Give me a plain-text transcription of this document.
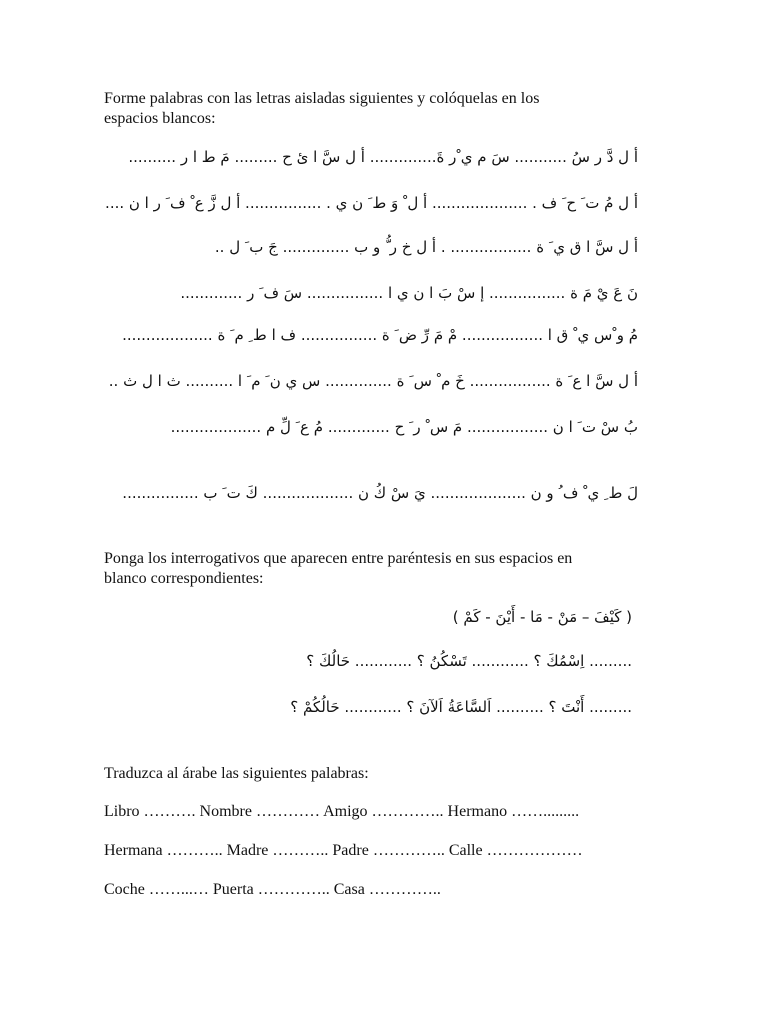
Forme palabras con las letras aisladas siguientes y colóquelas en los
espacios blancos:
أ ل دَّ ر سُ ........... سَ م ي ْر ةَ.............. أ ل سَّ ا ئ ح ......... مَ ط ا ر ..........
أ ل مُ ت َ ح َ ف . .................... أ ل ْ وَ ط َ ن ي . ................ أ ل زَّ ع ْ ف َ ر ا ن ....
أ ل سَّ ا ق ي َ ة ................. . أ ل خ ر ُّ و ب .............. جَ ب َ ل ..
نَ عَ يْ مَ ة ................ إ سْ بَ ا ن ي ا ................ سَ ف َ ر .............
مُ و ْس ي ْ ق ا ................. مْ مَ رِّ ض َ ة ................ ف ا ط ِ م َ ة ...................
أ ل سَّ ا ع َ ة ................. خَ م ْ س َ ة .............. س ي ن َ م َ ا .......... ث ا ل ث ..
بُ سْ ت َ ا ن ................. مَ س ْ ر َ ح ............. مُ ع َ لِّ م ...................
لَ ط ِ ي ْ ف ُ و ن .................... يَ سْ كُ ن ................... كَ ت َ ب ................
Ponga los interrogativos que aparecen entre paréntesis en sus espacios en
blanco correspondientes:
( كَيْفَ – مَنْ - مَا - أَيْنَ - كَمْ )
......... اِسْمُكَ ؟ ............ تَسْكُنُ ؟ ............ حَالُكَ ؟
......... أَنْتَ ؟ .......... اَلسَّاعَةُ اَلآنَ ؟ ............ حَالُكُمْ ؟
Traduzca al árabe las siguientes palabras:
Libro ………. Nombre ………… Amigo ………….. Hermano …….........
Hermana ……….. Madre ……….. Padre ………….. Calle ………………
Coche ……...… Puerta ………….. Casa …………..
